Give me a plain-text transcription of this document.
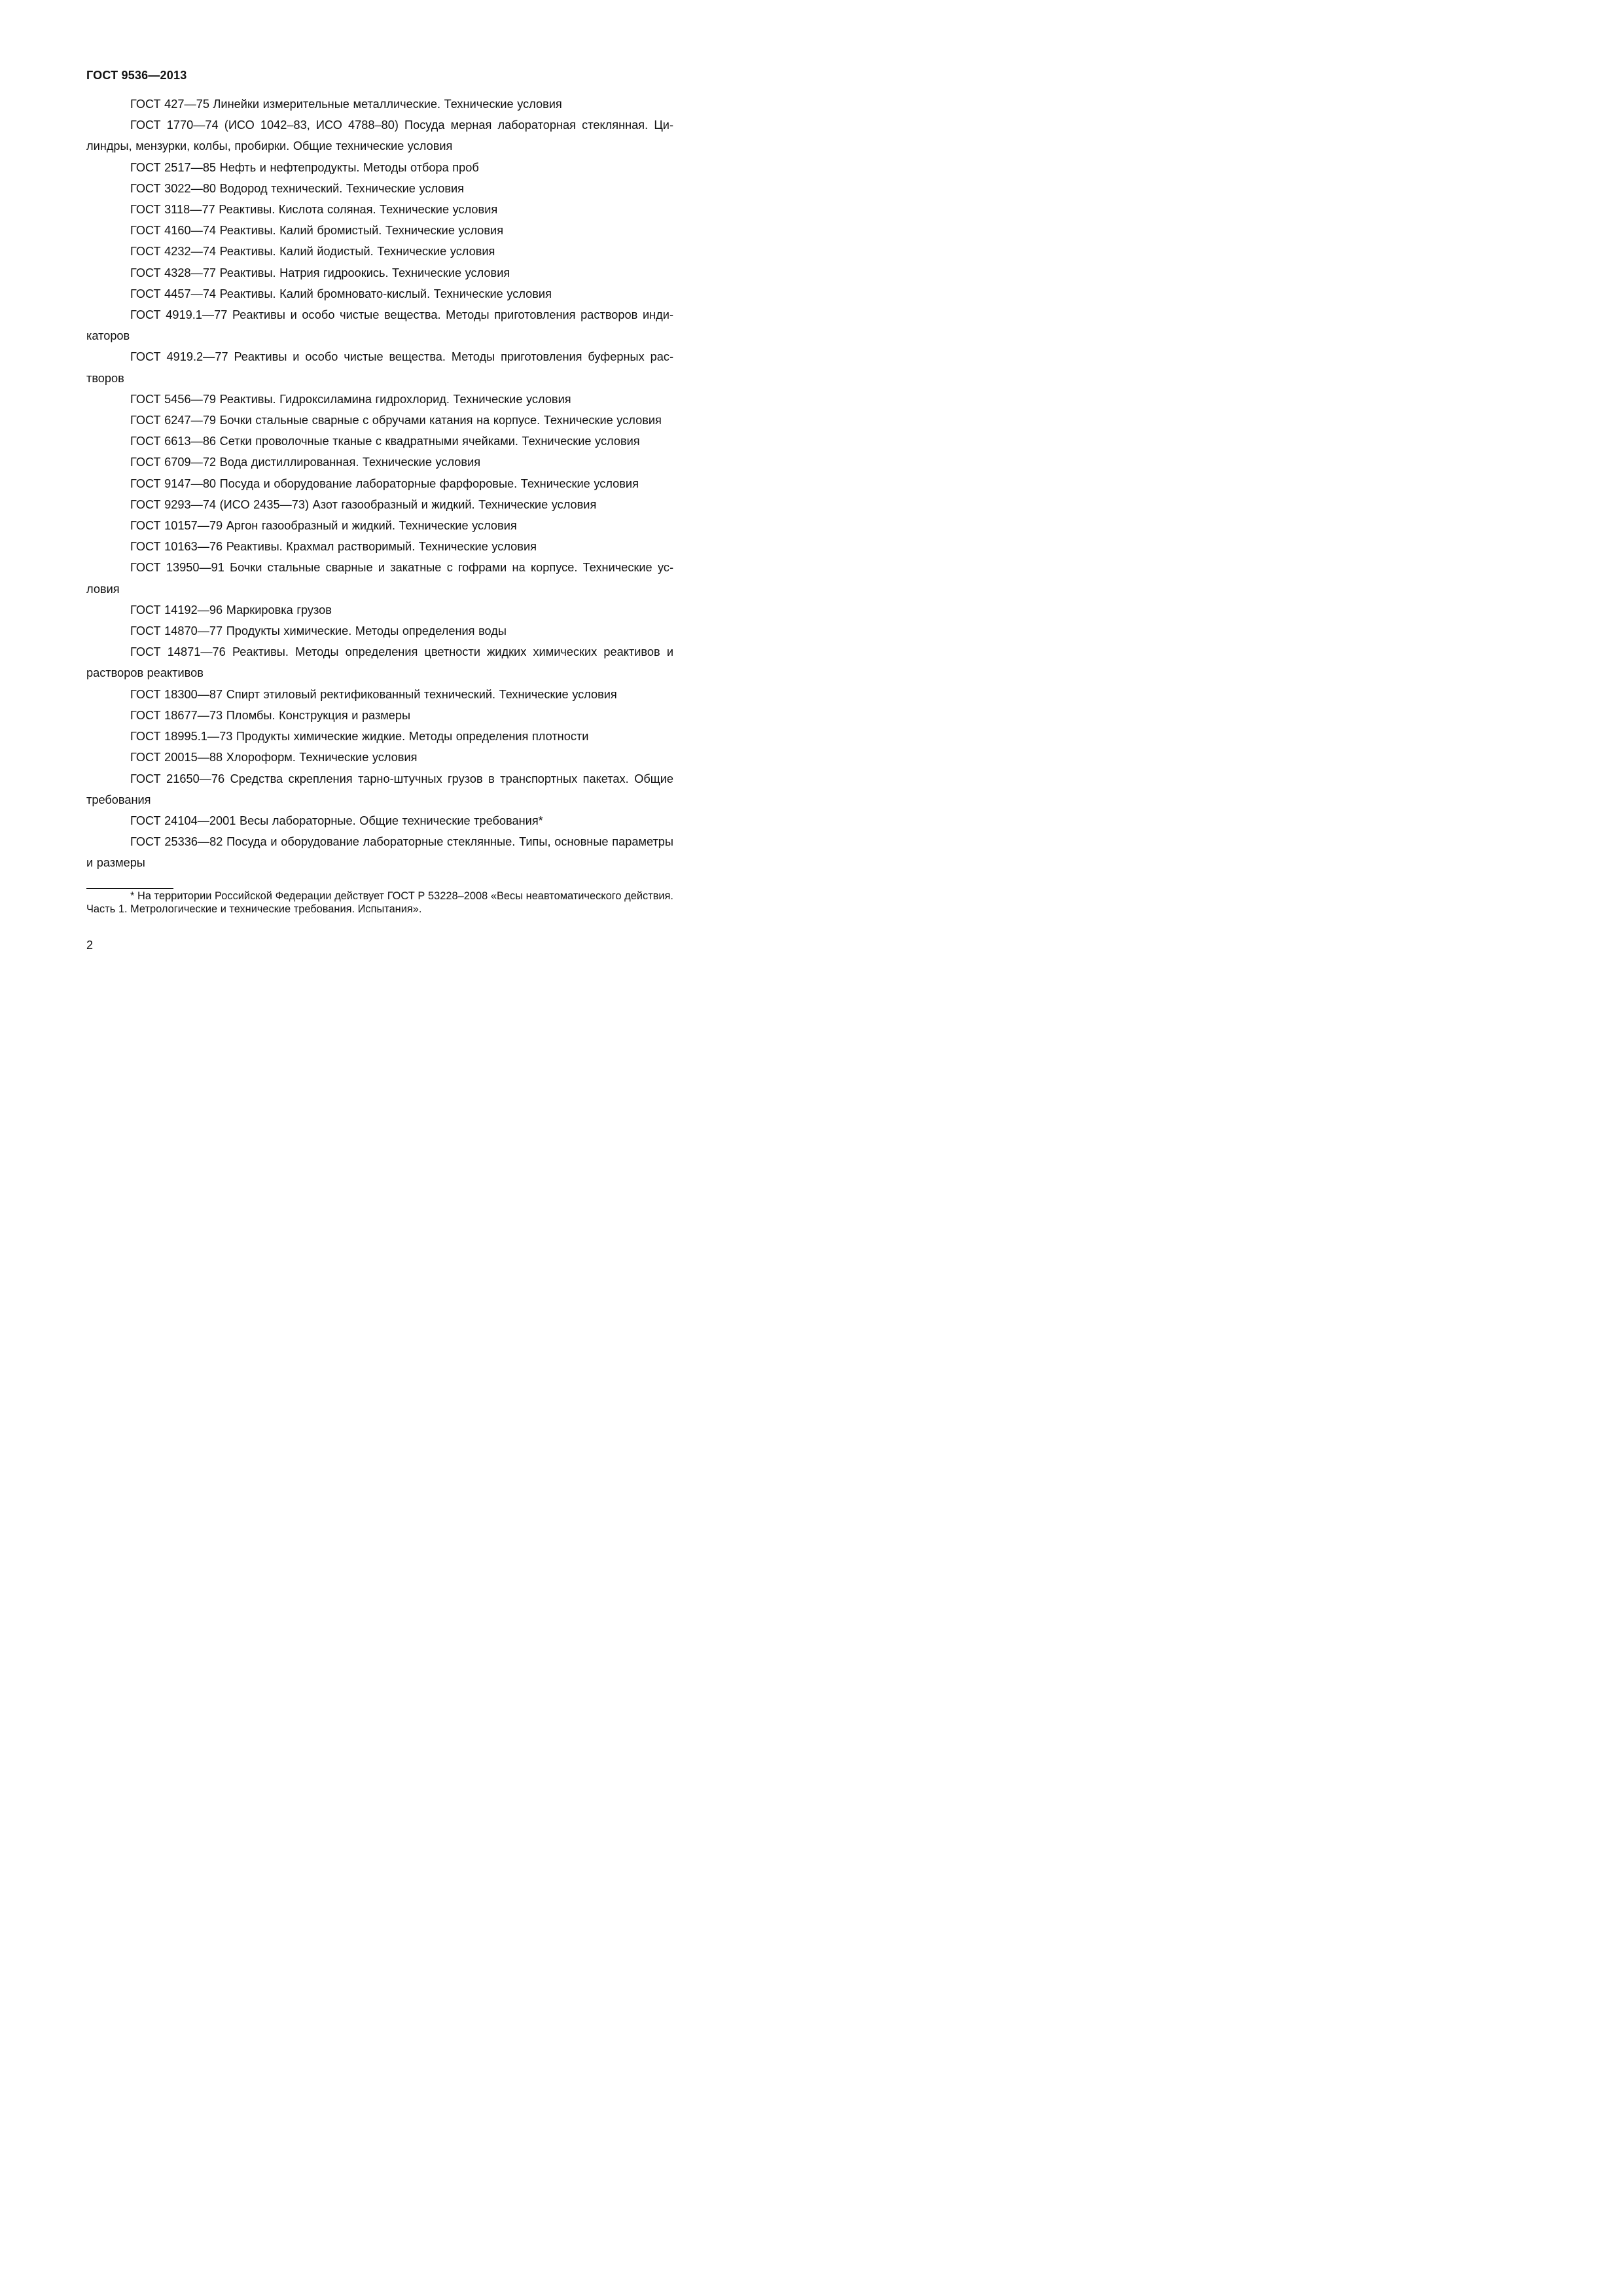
ГОСТ 9536—2013

ГОСТ 427—75 Линейки измерительные металлические. Технические условия

ГОСТ 1770—74 (ИСО 1042–83, ИСО 4788–80) Посуда мерная лабораторная стеклянная. Цилиндры, мензурки, колбы, пробирки. Общие технические условия

ГОСТ 2517—85 Нефть и нефтепродукты. Методы отбора проб

ГОСТ 3022—80 Водород технический. Технические условия

ГОСТ 3118—77 Реактивы. Кислота соляная. Технические условия

ГОСТ 4160—74 Реактивы. Калий бромистый. Технические условия

ГОСТ 4232—74 Реактивы. Калий йодистый. Технические условия

ГОСТ 4328—77 Реактивы. Натрия гидроокись. Технические условия

ГОСТ 4457—74 Реактивы. Калий бромновато-кислый. Технические условия

ГОСТ 4919.1—77 Реактивы и особо чистые вещества. Методы приготовления растворов индикаторов

ГОСТ 4919.2—77 Реактивы и особо чистые вещества. Методы приготовления буферных растворов

ГОСТ 5456—79 Реактивы. Гидроксиламина гидрохлорид. Технические условия

ГОСТ 6247—79 Бочки стальные сварные с обручами катания на корпусе. Технические условия

ГОСТ 6613—86 Сетки проволочные тканые с квадратными ячейками. Технические условия

ГОСТ 6709—72 Вода дистиллированная. Технические условия

ГОСТ 9147—80 Посуда и оборудование лабораторные фарфоровые. Технические условия

ГОСТ 9293—74 (ИСО 2435—73) Азот газообразный и жидкий. Технические условия

ГОСТ 10157—79 Аргон газообразный и жидкий. Технические условия

ГОСТ 10163—76 Реактивы. Крахмал растворимый. Технические условия

ГОСТ 13950—91 Бочки стальные сварные и закатные с гофрами на корпусе. Технические условия

ГОСТ 14192—96 Маркировка грузов

ГОСТ 14870—77 Продукты химические. Методы определения воды

ГОСТ 14871—76 Реактивы. Методы определения цветности жидких химических реактивов и растворов реактивов

ГОСТ 18300—87 Спирт этиловый ректификованный технический. Технические условия

ГОСТ 18677—73 Пломбы. Конструкция и размеры

ГОСТ 18995.1—73 Продукты химические жидкие. Методы определения плотности

ГОСТ 20015—88 Хлороформ. Технические условия

ГОСТ 21650—76 Средства скрепления тарно-штучных грузов в транспортных пакетах. Общие требования

ГОСТ 24104—2001 Весы лабораторные. Общие технические требования*

ГОСТ 25336—82 Посуда и оборудование лабораторные стеклянные. Типы, основные параметры и размеры

* На территории Российской Федерации действует ГОСТ Р 53228–2008 «Весы неавтоматического действия. Часть 1. Метрологические и технические требования. Испытания».

2
